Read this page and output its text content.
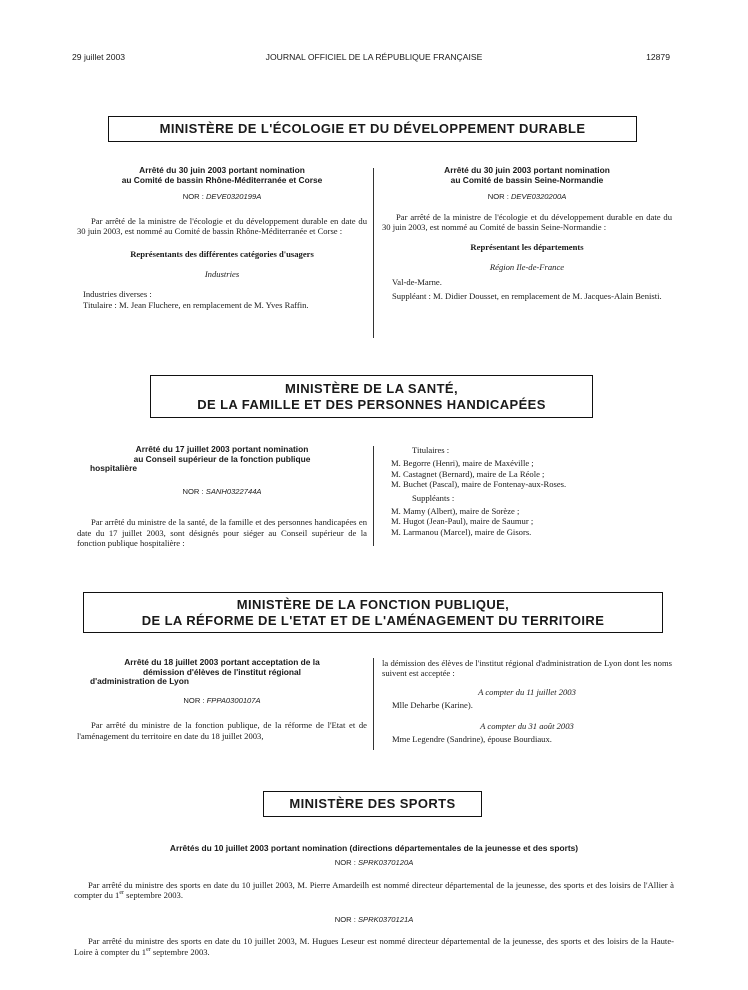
29 juillet 2003	JOURNAL OFFICIEL DE LA RÉPUBLIQUE FRANÇAISE	12879
MINISTÈRE DE L'ÉCOLOGIE ET DU DÉVELOPPEMENT DURABLE
Arrêté du 30 juin 2003 portant nomination
au Comité de bassin Rhône-Méditerranée et Corse
NOR : DEVE0320199A

Par arrêté de la ministre de l'écologie et du développement durable en date du 30 juin 2003, est nommé au Comité de bassin Rhône-Méditerranée et Corse :

Représentants des différentes catégories d'usagers

Industries

Industries diverses :

Titulaire : M. Jean Fluchere, en remplacement de M. Yves Raffin.

Arrêté du 30 juin 2003 portant nomination
au Comité de bassin Seine-Normandie
NOR : DEVE0320200A

Par arrêté de la ministre de l'écologie et du développement durable en date du 30 juin 2003, est nommé au Comité de bassin Seine-Normandie :

Représentant les départements

Région Ile-de-France

Val-de-Marne.

Suppléant : M. Didier Dousset, en remplacement de M. Jacques-Alain Benisti.

MINISTÈRE DE LA SANTÉ,
DE LA FAMILLE ET DES PERSONNES HANDICAPÉES
Arrêté du 17 juillet 2003 portant nomination
au Conseil supérieur de la fonction publique
hospitalière
NOR : SANH0322744A

Par arrêté du ministre de la santé, de la famille et des personnes handicapées en date du 17 juillet 2003, sont désignés pour siéger au Conseil supérieur de la fonction publique hospitalière :

Titulaires :

M. Begorre (Henri), maire de Maxéville ;

M. Castagnet (Bernard), maire de La Réole ;

M. Buchet (Pascal), maire de Fontenay-aux-Roses.

Suppléants :

M. Mamy (Albert), maire de Sorèze ;

M. Hugot (Jean-Paul), maire de Saumur ;

M. Larmanou (Marcel), maire de Gisors.

MINISTÈRE DE LA FONCTION PUBLIQUE,
DE LA RÉFORME DE L'ETAT ET DE L'AMÉNAGEMENT DU TERRITOIRE
Arrêté du 18 juillet 2003 portant acceptation de la
démission d'élèves de l'institut régional
d'administration de Lyon
NOR : FPPA0300107A

Par arrêté du ministre de la fonction publique, de la réforme de l'Etat et de l'aménagement du territoire en date du 18 juillet 2003,

la démission des élèves de l'institut régional d'administration de Lyon dont les noms suivent est acceptée :

A compter du 11 juillet 2003

Mlle Deharbe (Karine).

A compter du 31 août 2003

Mme Legendre (Sandrine), épouse Bourdiaux.

MINISTÈRE DES SPORTS
Arrêtés du 10 juillet 2003 portant nomination (directions départementales de la jeunesse et des sports)
NOR : SPRK0370120A

Par arrêté du ministre des sports en date du 10 juillet 2003, M. Pierre Amardeilh est nommé directeur départemental de la jeunesse, des sports et des loisirs de l'Allier à compter du 1er septembre 2003.

NOR : SPRK0370121A

Par arrêté du ministre des sports en date du 10 juillet 2003, M. Hugues Leseur est nommé directeur départemental de la jeunesse, des sports et des loisirs de la Haute-Loire à compter du 1er septembre 2003.
